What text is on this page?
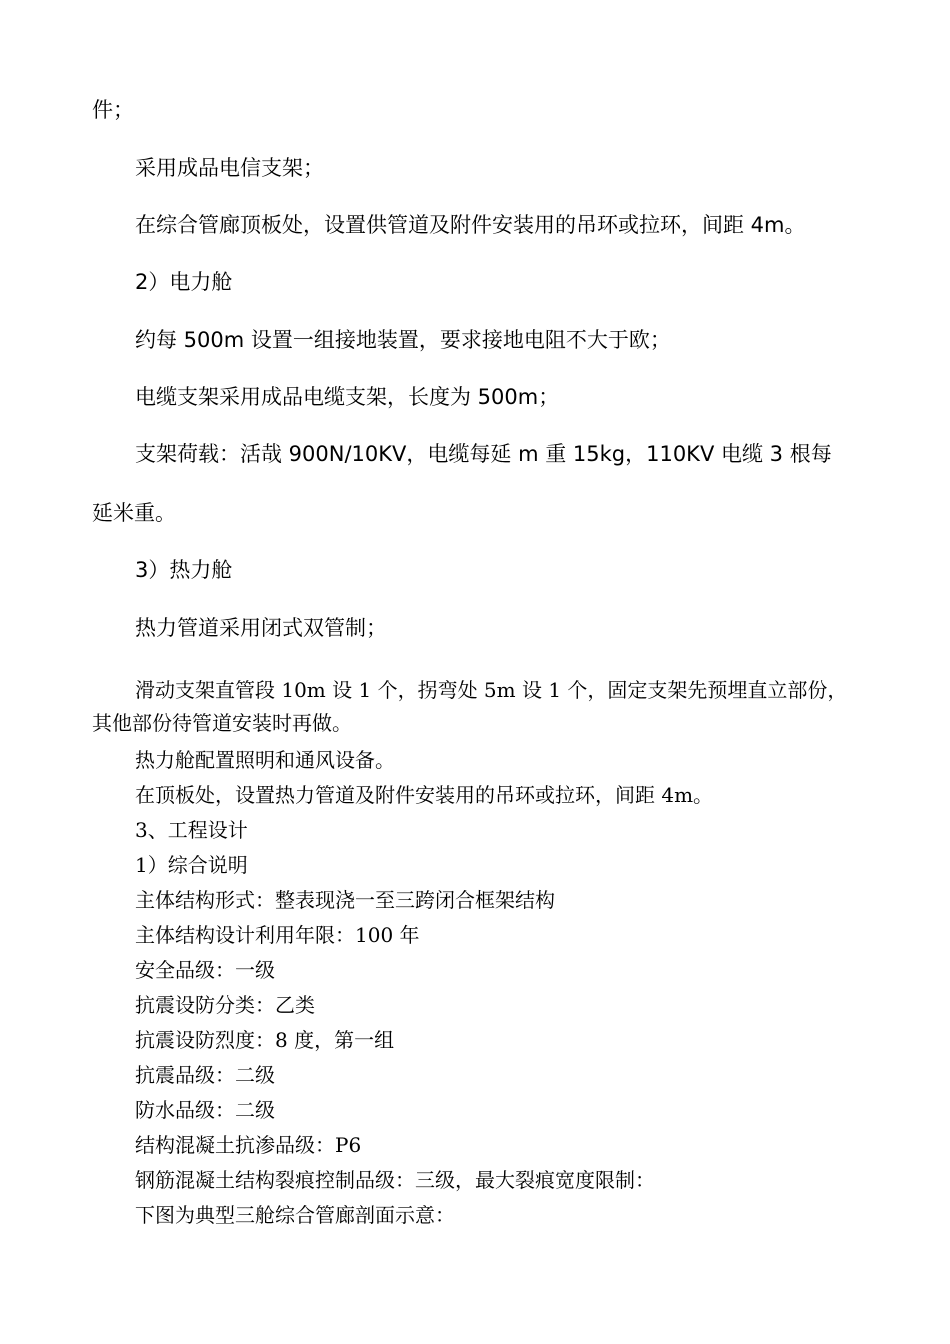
件；
采用成品电信支架；
在综合管廊顶板处，设置供管道及附件安装用的吊环或拉环，间距 4m。
2）电力舱
约每 500m 设置一组接地装置，要求接地电阻不大于欧；
电缆支架采用成品电缆支架，长度为 500m；
支架荷载：活哉 900N/10KV，电缆每延 m 重 15kg，110KV 电缆 3 根每
延米重。
3）热力舱
热力管道采用闭式双管制；
滑动支架直管段 10m 设 1 个，拐弯处 5m 设 1 个，固定支架先预埋直立部份，
其他部份待管道安装时再做。
热力舱配置照明和通风设备。
在顶板处，设置热力管道及附件安装用的吊环或拉环，间距 4m。
3、工程设计
1）综合说明
主体结构形式：整表现浇一至三跨闭合框架结构
主体结构设计利用年限：100 年
安全品级：一级
抗震设防分类：乙类
抗震设防烈度：8 度，第一组
抗震品级：二级
防水品级：二级
结构混凝土抗渗品级：P6
钢筋混凝土结构裂痕控制品级：三级，最大裂痕宽度限制：
下图为典型三舱综合管廊剖面示意：
